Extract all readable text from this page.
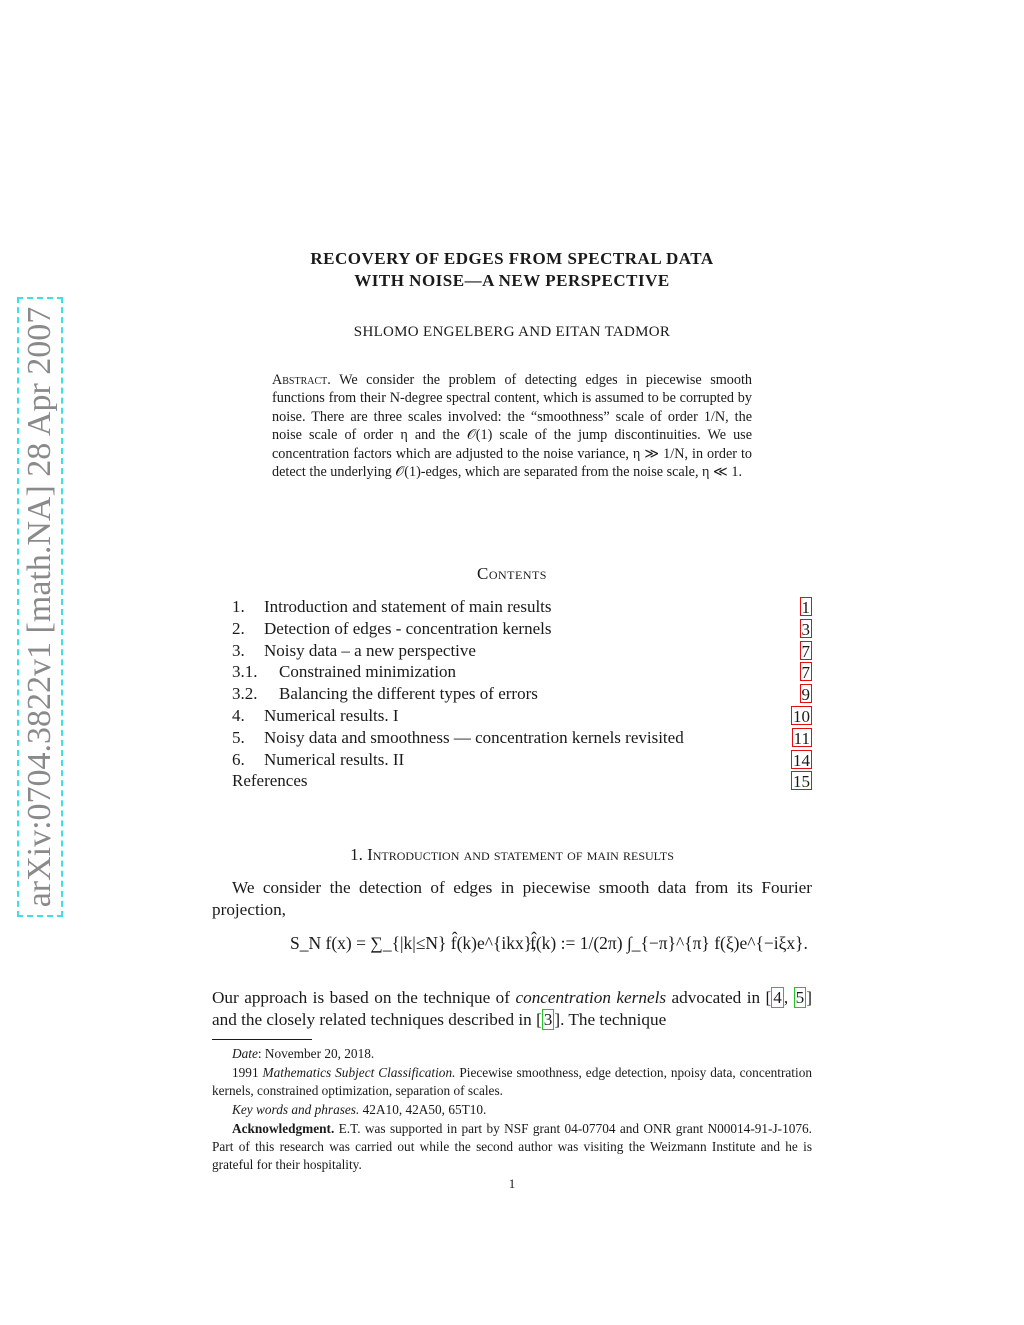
arXiv:0704.3822v1 [math.NA] 28 Apr 2007
RECOVERY OF EDGES FROM SPECTRAL DATA
WITH NOISE—A NEW PERSPECTIVE
SHLOMO ENGELBERG AND EITAN TADMOR
Abstract. We consider the problem of detecting edges in piecewise smooth functions from their N-degree spectral content, which is assumed to be corrupted by noise. There are three scales involved: the “smoothness” scale of order 1/N, the noise scale of order η and the 𝒪(1) scale of the jump discontinuities. We use concentration factors which are adjusted to the noise variance, η ≫ 1/N, in order to detect the underlying 𝒪(1)-edges, which are separated from the noise scale, η ≪ 1.
Contents
1. Introduction and statement of main results	1
2. Detection of edges - concentration kernels	3
3. Noisy data – a new perspective	7
3.1. Constrained minimization	7
3.2. Balancing the different types of errors	9
4. Numerical results. I	10
5. Noisy data and smoothness — concentration kernels revisited	11
6. Numerical results. II	14
References	15
1. Introduction and statement of main results
We consider the detection of edges in piecewise smooth data from its Fourier projection,
S_N f(x) = ∑_{|k|≤N} f̂(k)e^{ikx},
f̂(k) := 1/(2π) ∫_{−π}^{π} f(ξ)e^{−iξx}.
Our approach is based on the technique of concentration kernels advocated in [ 4 , 5 ] and the closely related techniques described in [ 3 ]. The technique
Date: November 20, 2018.
1991 Mathematics Subject Classification. Piecewise smoothness, edge detection, npoisy data, concentration kernels, constrained optimization, separation of scales.
Key words and phrases. 42A10, 42A50, 65T10.
Acknowledgment. E.T. was supported in part by NSF grant 04-07704 and ONR grant N00014-91-J-1076. Part of this research was carried out while the second author was visiting the Weizmann Institute and he is grateful for their hospitality.
1
